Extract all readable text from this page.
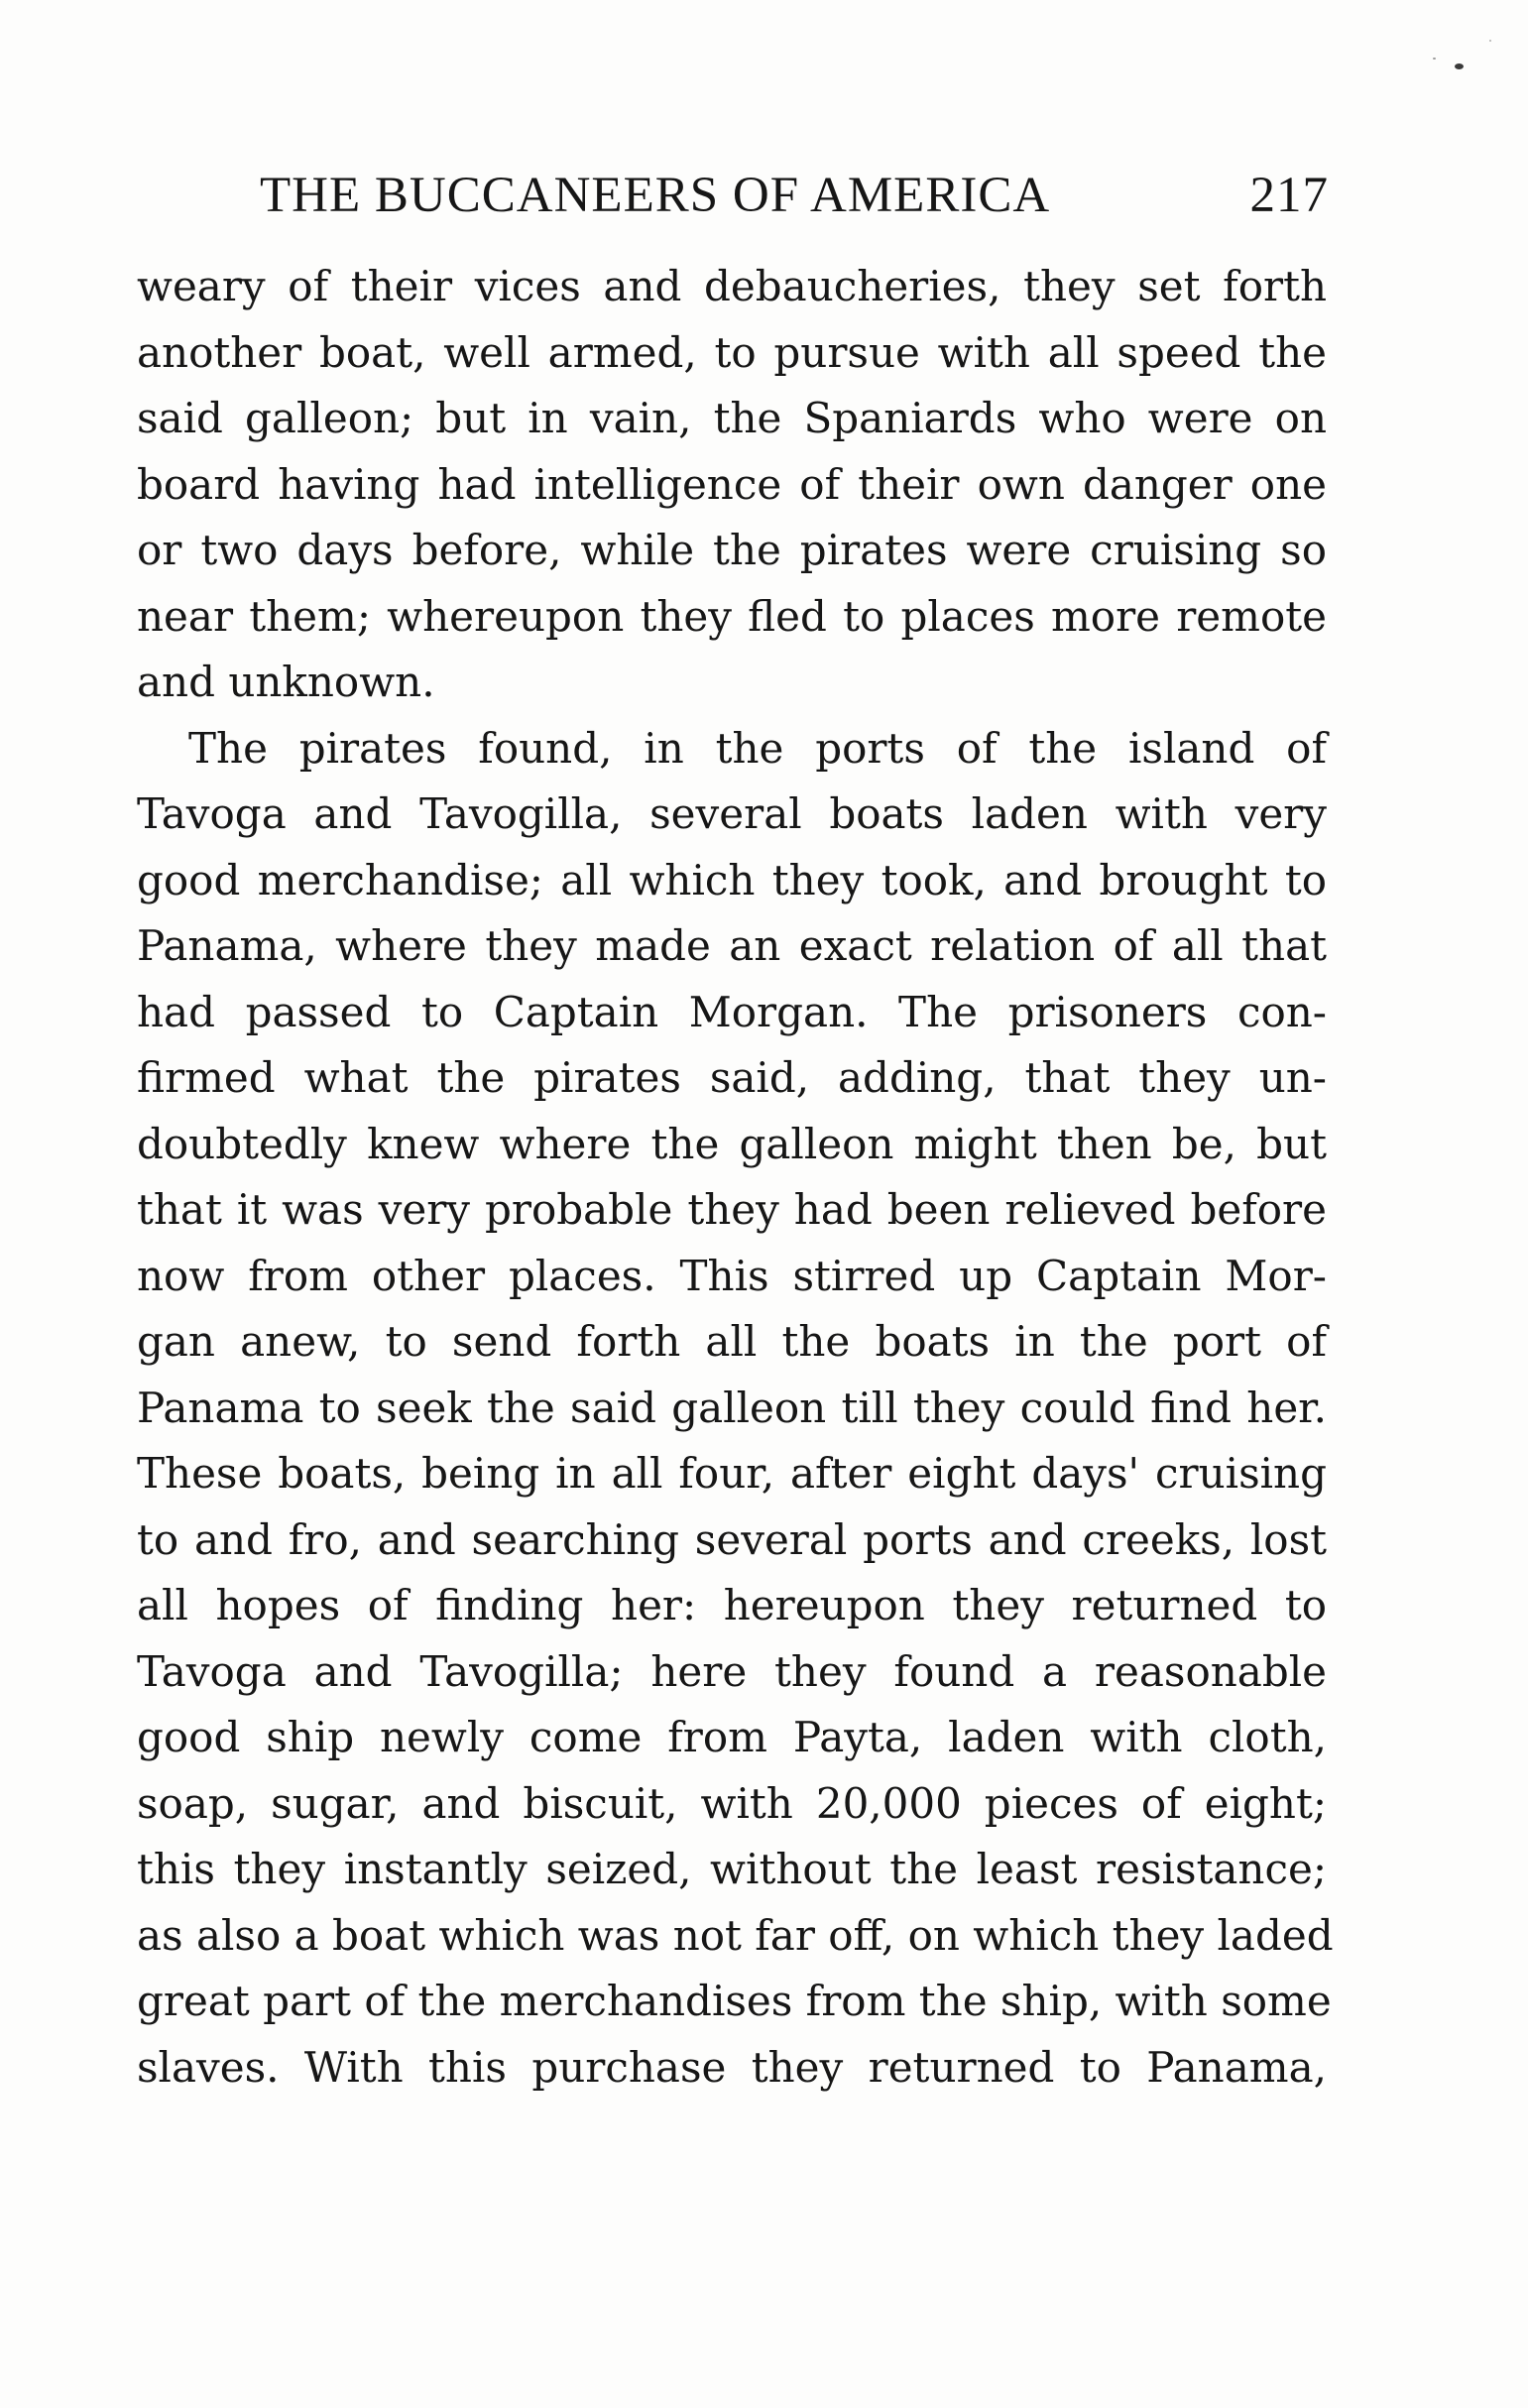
THE BUCCANEERS OF AMERICA	217
weary of their vices and debaucheries, they set forth
another boat, well armed, to pursue with all speed the
said galleon; but in vain, the Spaniards who were on
board having had intelligence of their own danger one
or two days before, while the pirates were cruising so
near them; whereupon they fled to places more remote
and unknown.
The pirates found, in the ports of the island of
Tavoga and Tavogilla, several boats laden with very
good merchandise; all which they took, and brought to
Panama, where they made an exact relation of all that
had passed to Captain Morgan. The prisoners con-
firmed what the pirates said, adding, that they un-
doubtedly knew where the galleon might then be, but
that it was very probable they had been relieved before
now from other places. This stirred up Captain Mor-
gan anew, to send forth all the boats in the port of
Panama to seek the said galleon till they could find her.
These boats, being in all four, after eight days' cruising
to and fro, and searching several ports and creeks, lost
all hopes of finding her: hereupon they returned to
Tavoga and Tavogilla; here they found a reasonable
good ship newly come from Payta, laden with cloth,
soap, sugar, and biscuit, with 20,000 pieces of eight;
this they instantly seized, without the least resistance;
as also a boat which was not far off, on which they laded
great part of the merchandises from the ship, with some
slaves. With this purchase they returned to Panama,
